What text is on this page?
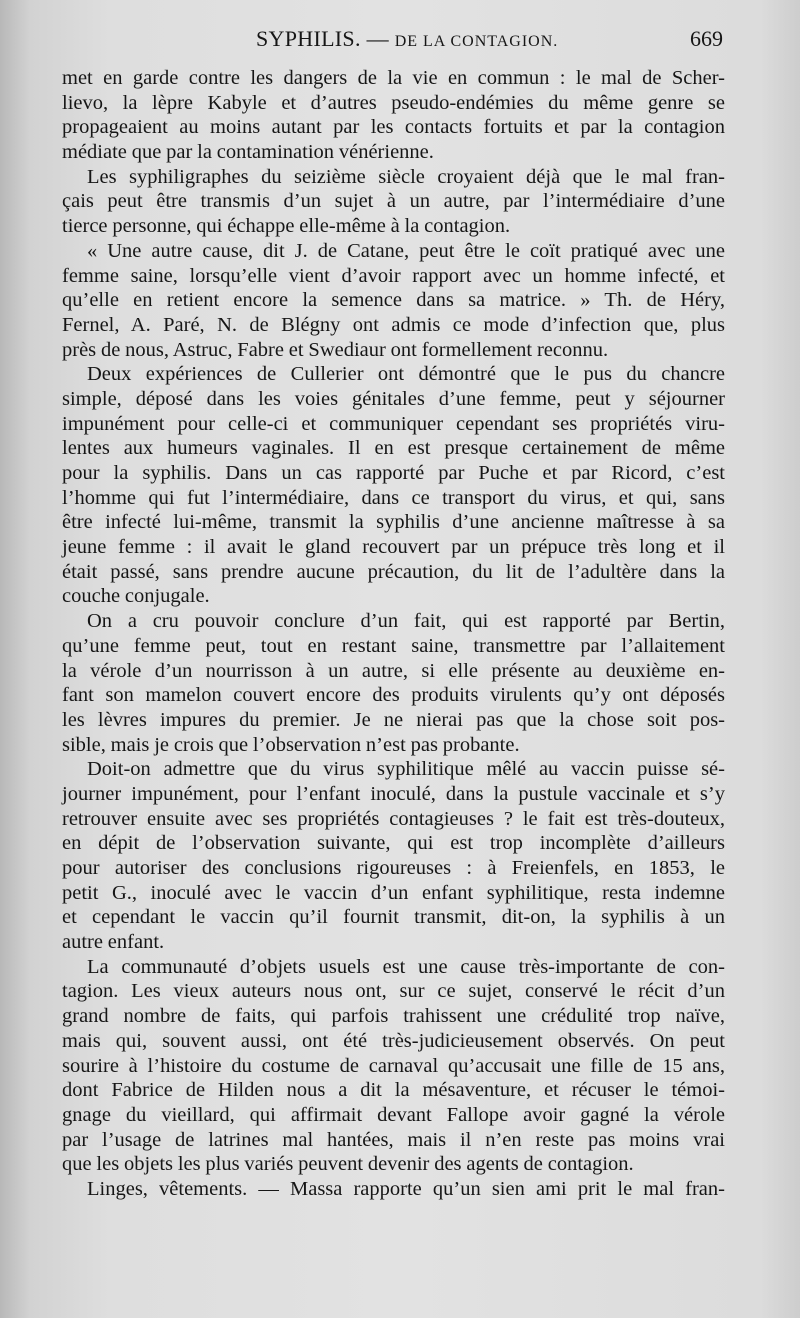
SYPHILIS. — DE LA CONTAGION.	669
met en garde contre les dangers de la vie en commun : le mal de Scher-
lievo, la lèpre Kabyle et d’autres pseudo-endémies du même genre se
propageaient au moins autant par les contacts fortuits et par la contagion
médiate que par la contamination vénérienne.
Les syphiligraphes du seizième siècle croyaient déjà que le mal fran-
çais peut être transmis d’un sujet à un autre, par l’intermédiaire d’une
tierce personne, qui échappe elle-même à la contagion.
« Une autre cause, dit J. de Catane, peut être le coït pratiqué avec une
femme saine, lorsqu’elle vient d’avoir rapport avec un homme infecté, et
qu’elle en retient encore la semence dans sa matrice. » Th. de Héry,
Fernel, A. Paré, N. de Blégny ont admis ce mode d’infection que, plus
près de nous, Astruc, Fabre et Swediaur ont formellement reconnu.
Deux expériences de Cullerier ont démontré que le pus du chancre
simple, déposé dans les voies génitales d’une femme, peut y séjourner
impunément pour celle-ci et communiquer cependant ses propriétés viru-
lentes aux humeurs vaginales. Il en est presque certainement de même
pour la syphilis. Dans un cas rapporté par Puche et par Ricord, c’est
l’homme qui fut l’intermédiaire, dans ce transport du virus, et qui, sans
être infecté lui-même, transmit la syphilis d’une ancienne maîtresse à sa
jeune femme : il avait le gland recouvert par un prépuce très long et il
était passé, sans prendre aucune précaution, du lit de l’adultère dans la
couche conjugale.
On a cru pouvoir conclure d’un fait, qui est rapporté par Bertin,
qu’une femme peut, tout en restant saine, transmettre par l’allaitement
la vérole d’un nourrisson à un autre, si elle présente au deuxième en-
fant son mamelon couvert encore des produits virulents qu’y ont déposés
les lèvres impures du premier. Je ne nierai pas que la chose soit pos-
sible, mais je crois que l’observation n’est pas probante.
Doit-on admettre que du virus syphilitique mêlé au vaccin puisse sé-
journer impunément, pour l’enfant inoculé, dans la pustule vaccinale et s’y
retrouver ensuite avec ses propriétés contagieuses ? le fait est très-douteux,
en dépit de l’observation suivante, qui est trop incomplète d’ailleurs
pour autoriser des conclusions rigoureuses : à Freienfels, en 1853, le
petit G., inoculé avec le vaccin d’un enfant syphilitique, resta indemne
et cependant le vaccin qu’il fournit transmit, dit-on, la syphilis à un
autre enfant.
La communauté d’objets usuels est une cause très-importante de con-
tagion. Les vieux auteurs nous ont, sur ce sujet, conservé le récit d’un
grand nombre de faits, qui parfois trahissent une crédulité trop naïve,
mais qui, souvent aussi, ont été très-judicieusement observés. On peut
sourire à l’histoire du costume de carnaval qu’accusait une fille de 15 ans,
dont Fabrice de Hilden nous a dit la mésaventure, et récuser le témoi-
gnage du vieillard, qui affirmait devant Fallope avoir gagné la vérole
par l’usage de latrines mal hantées, mais il n’en reste pas moins vrai
que les objets les plus variés peuvent devenir des agents de contagion.
Linges, vêtements. — Massa rapporte qu’un sien ami prit le mal fran-
